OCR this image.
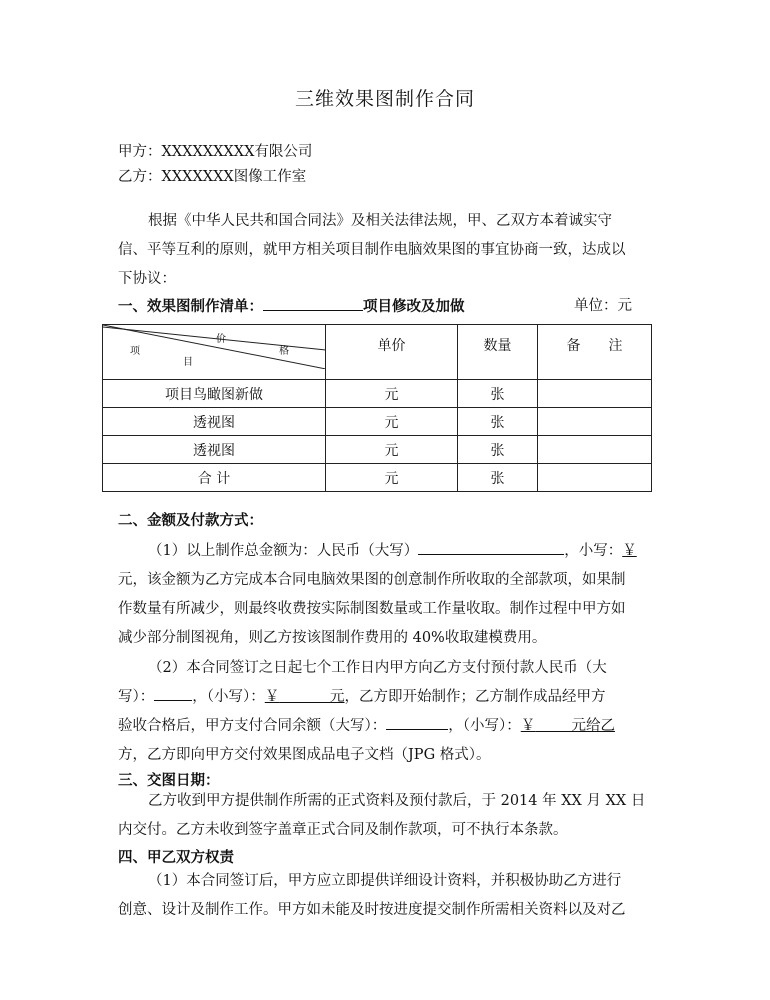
三维效果图制作合同
甲方：XXXXXXXXX有限公司
乙方：XXXXXXX图像工作室
根据《中华人民共和国合同法》及相关法律法规，甲、乙双方本着诚实守
信、平等互利的原则，就甲方相关项目制作电脑效果图的事宜协商一致，达成以
下协议：
一、效果图制作清单：	项目修改及加做	单位：元
价
格
项
目	单价	数量	备　　注
项目鸟瞰图新做	元	张	
透视图	元	张	
透视图	元	张	
合 计	元	张	
二、金额及付款方式：
（1）以上制作总金额为：人民币（大写）	，小写：￥
元，该金额为乙方完成本合同电脑效果图的创意制作所收取的全部款项，如果制
作数量有所减少，则最终收费按实际制图数量或工作量收取。制作过程中甲方如
减少部分制图视角，则乙方按该图制作费用的 40%收取建模费用。
（2）本合同签订之日起七个工作日内甲方向乙方支付预付款人民币（大
写）：	，（小写）：￥    	元，乙方即开始制作；乙方制作成品经甲方
验收合格后，甲方支付合同余额（大写）：	，（小写）：￥   	元给乙
方，乙方即向甲方交付效果图成品电子文档（JPG 格式）。
三、交图日期：
乙方收到甲方提供制作所需的正式资料及预付款后，于 2014 年 XX 月 XX 日
内交付。乙方未收到签字盖章正式合同及制作款项，可不执行本条款。
四、甲乙双方权责
（1）本合同签订后，甲方应立即提供详细设计资料，并积极协助乙方进行
创意、设计及制作工作。甲方如未能及时按进度提交制作所需相关资料以及对乙
